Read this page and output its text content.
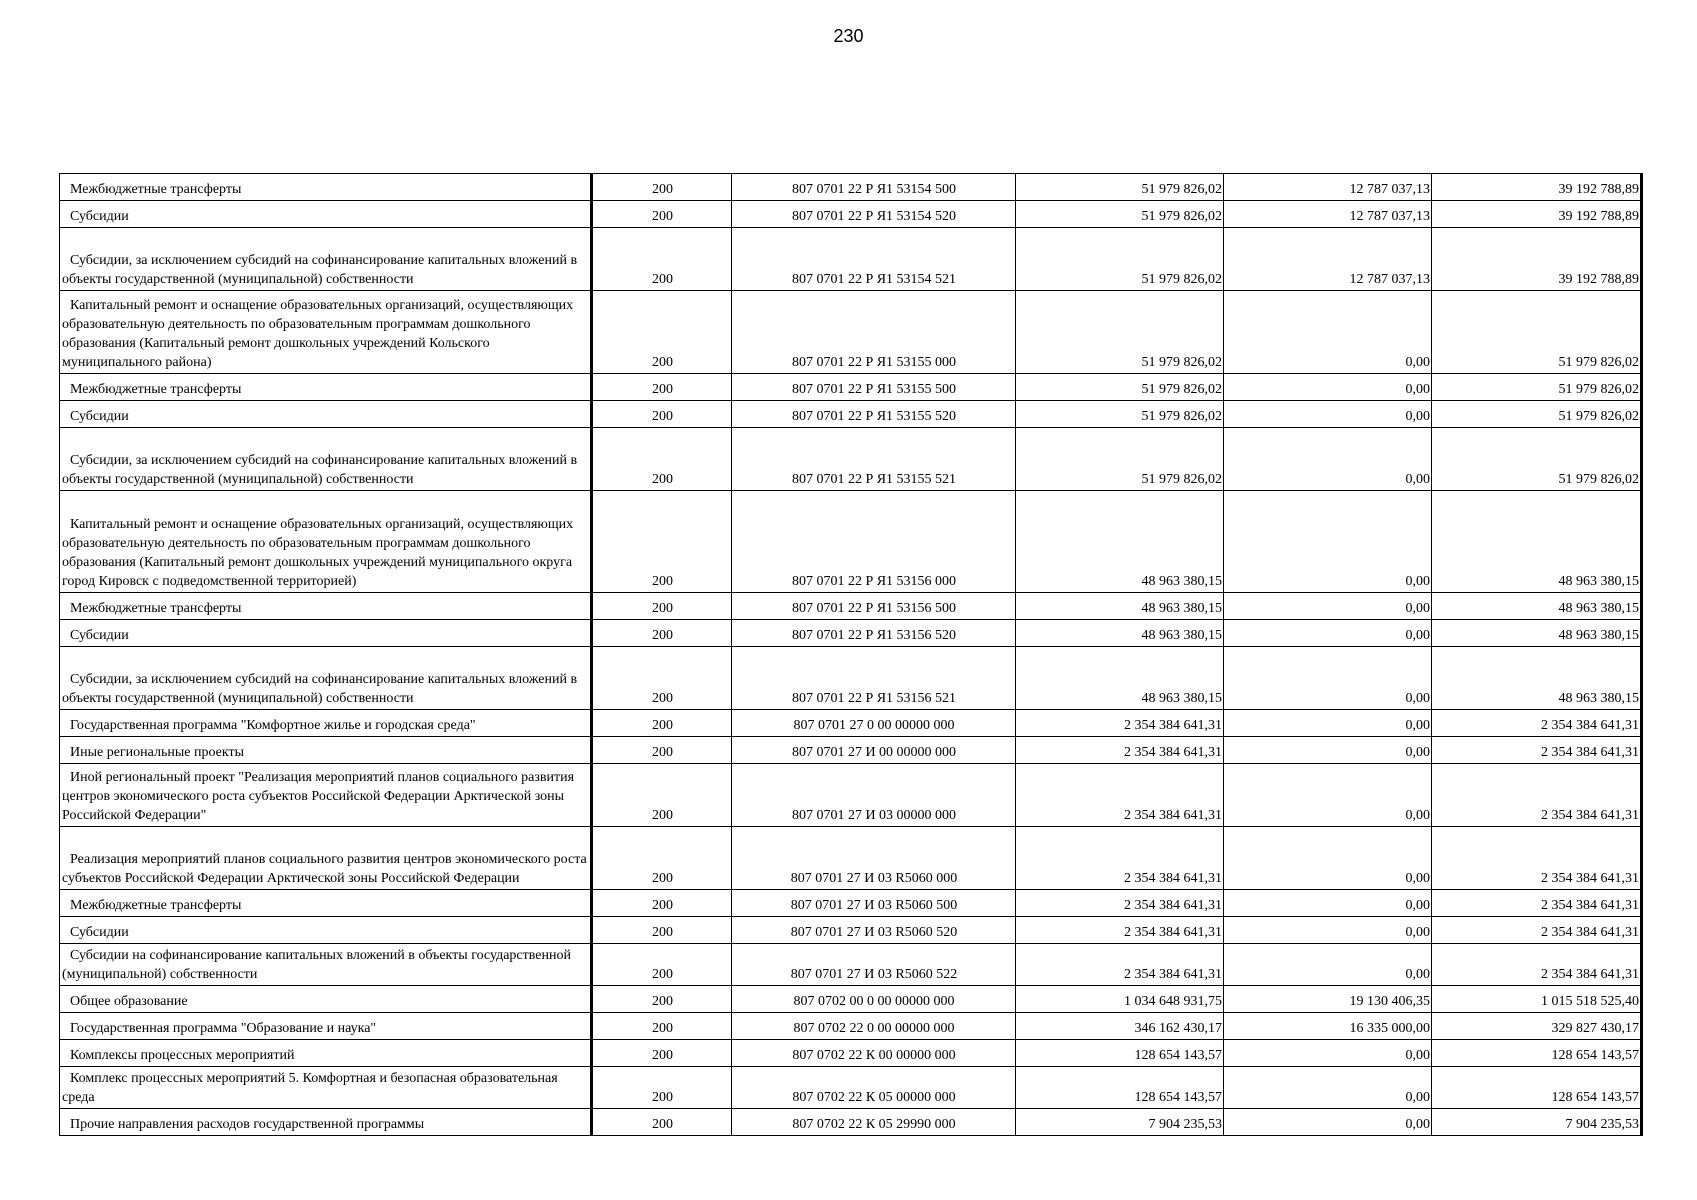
230
Межбюджетные трансферты	200	807 0701 22 Р Я1 53154 500	51 979 826,02	12 787 037,13	39 192 788,89

Субсидии	200	807 0701 22 Р Я1 53154 520	51 979 826,02	12 787 037,13	39 192 788,89

Субсидии, за исключением субсидий на софинансирование капитальных вложений в объекты государственной (муниципальной) собственности	200	807 0701 22 Р Я1 53154 521	51 979 826,02	12 787 037,13	39 192 788,89

Капитальный ремонт и оснащение образовательных организаций, осуществляющих образовательную деятельность по образовательным программам дошкольного образования (Капитальный ремонт дошкольных учреждений Кольского муниципального района)	200	807 0701 22 Р Я1 53155 000	51 979 826,02	0,00	51 979 826,02

Межбюджетные трансферты	200	807 0701 22 Р Я1 53155 500	51 979 826,02	0,00	51 979 826,02

Субсидии	200	807 0701 22 Р Я1 53155 520	51 979 826,02	0,00	51 979 826,02

Субсидии, за исключением субсидий на софинансирование капитальных вложений в объекты государственной (муниципальной) собственности	200	807 0701 22 Р Я1 53155 521	51 979 826,02	0,00	51 979 826,02

Капитальный ремонт и оснащение образовательных организаций, осуществляющих образовательную деятельность по образовательным программам дошкольного образования (Капитальный ремонт дошкольных учреждений муниципального округа город Кировск с подведомственной территорией)	200	807 0701 22 Р Я1 53156 000	48 963 380,15	0,00	48 963 380,15

Межбюджетные трансферты	200	807 0701 22 Р Я1 53156 500	48 963 380,15	0,00	48 963 380,15

Субсидии	200	807 0701 22 Р Я1 53156 520	48 963 380,15	0,00	48 963 380,15

Субсидии, за исключением субсидий на софинансирование капитальных вложений в объекты государственной (муниципальной) собственности	200	807 0701 22 Р Я1 53156 521	48 963 380,15	0,00	48 963 380,15

Государственная программа "Комфортное жилье и городская среда"	200	807 0701 27 0 00 00000 000	2 354 384 641,31	0,00	2 354 384 641,31

Иные региональные проекты	200	807 0701 27 И 00 00000 000	2 354 384 641,31	0,00	2 354 384 641,31

Иной региональный проект "Реализация мероприятий планов социального развития центров экономического роста субъектов Российской Федерации Арктической зоны Российской Федерации"	200	807 0701 27 И 03 00000 000	2 354 384 641,31	0,00	2 354 384 641,31

Реализация мероприятий планов социального развития центров экономического роста субъектов Российской Федерации Арктической зоны Российской Федерации	200	807 0701 27 И 03 R5060 000	2 354 384 641,31	0,00	2 354 384 641,31

Межбюджетные трансферты	200	807 0701 27 И 03 R5060 500	2 354 384 641,31	0,00	2 354 384 641,31

Субсидии	200	807 0701 27 И 03 R5060 520	2 354 384 641,31	0,00	2 354 384 641,31

Субсидии на софинансирование капитальных вложений в объекты государственной (муниципальной) собственности	200	807 0701 27 И 03 R5060 522	2 354 384 641,31	0,00	2 354 384 641,31

Общее образование	200	807 0702 00 0 00 00000 000	1 034 648 931,75	19 130 406,35	1 015 518 525,40

Государственная программа "Образование и наука"	200	807 0702 22 0 00 00000 000	346 162 430,17	16 335 000,00	329 827 430,17

Комплексы процессных мероприятий	200	807 0702 22 К 00 00000 000	128 654 143,57	0,00	128 654 143,57

Комплекс процессных мероприятий 5. Комфортная и безопасная образовательная среда	200	807 0702 22 К 05 00000 000	128 654 143,57	0,00	128 654 143,57

Прочие направления расходов государственной программы	200	807 0702 22 К 05 29990 000	7 904 235,53	0,00	7 904 235,53
